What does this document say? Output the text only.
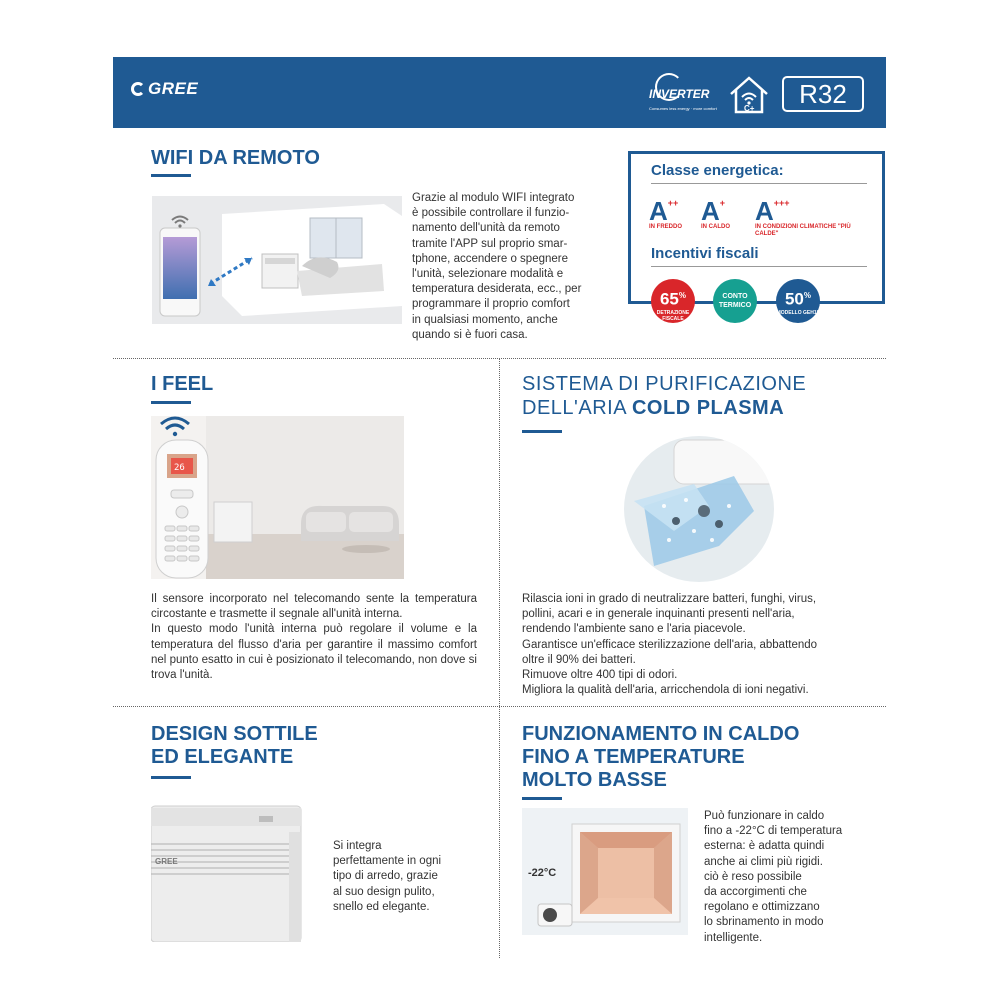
GREE	INVERTER
Consumes less energy · more comfort	C+	R32
WIFI DA REMOTO
Grazie al modulo WIFI integrato
è possibile controllare il funzio-
namento dell'unità da remoto
tramite l'APP sul proprio smar-
tphone, accendere o spegnere
l'unità, selezionare modalità e
temperatura desiderata, ecc., per
programmare il proprio comfort
in qualsiasi momento, anche
quando si è fuori casa.
Classe energetica:
A++
IN FREDDO
A+
IN CALDO
A+++
IN CONDIZIONI CLIMATICHE "PIÙ CALDE"
Incentivi fiscali
65%
DETRAZIONE FISCALE
CONTO TERMICO	50%
MODELLO GEH18
I FEEL
26
Il sensore incorporato nel telecomando sente la temperatura circostante e trasmette il segnale all'unità interna.
In questo modo l'unità interna può regolare il volume e la temperatura del flusso d'aria per garantire il massimo comfort nel punto esatto in cui è posizionato il telecomando, non dove si trova l'unità.
SISTEMA DI PURIFICAZIONE
DELL'ARIA COLD PLASMA
Rilascia ioni in grado di neutralizzare batteri, funghi, virus,
pollini, acari e in generale inquinanti presenti nell'aria,
rendendo l'ambiente sano e l'aria piacevole.
Garantisce un'efficace sterilizzazione dell'aria, abbattendo
oltre il 90% dei batteri.
Rimuove oltre 400 tipi di odori.
Migliora la qualità dell'aria, arricchendola di ioni negativi.
DESIGN SOTTILE
ED ELEGANTE
GREE
Si integra
perfettamente in ogni
tipo di arredo, grazie
al suo design pulito,
snello ed elegante.
FUNZIONAMENTO IN CALDO
FINO A TEMPERATURE
MOLTO BASSE
-22°C
Può funzionare in caldo
fino a -22°C di temperatura
esterna: è adatta quindi
anche ai climi più rigidi.
ciò è reso possibile
da accorgimenti che
regolano e ottimizzano
lo sbrinamento in modo
intelligente.
